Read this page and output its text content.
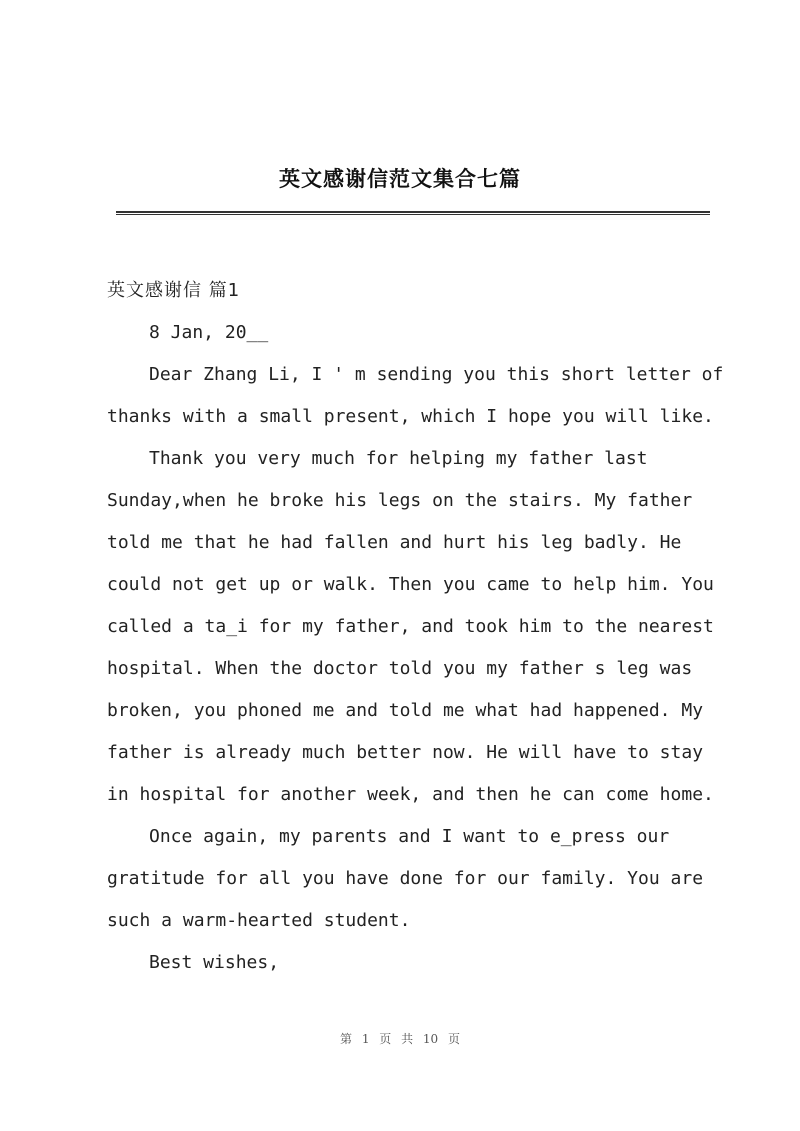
英文感谢信范文集合七篇

英文感谢信 篇1

8 Jan, 20__

Dear Zhang Li, I ' m sending you this short letter of

thanks with a small present, which I hope you will like.

Thank you very much for helping my father last

Sunday,when he broke his legs on the stairs. My father

told me that he had fallen and hurt his leg badly. He

could not get up or walk. Then you came to help him. You

called a ta_i for my father, and took him to the nearest

hospital. When the doctor told you my father s leg was

broken, you phoned me and told me what had happened. My

father is already much better now. He will have to stay

in hospital for another week, and then he can come home.

Once again, my parents and I want to e_press our

gratitude for all you have done for our family. You are

such a warm-hearted student.

Best wishes,

第 1 页 共 10 页
